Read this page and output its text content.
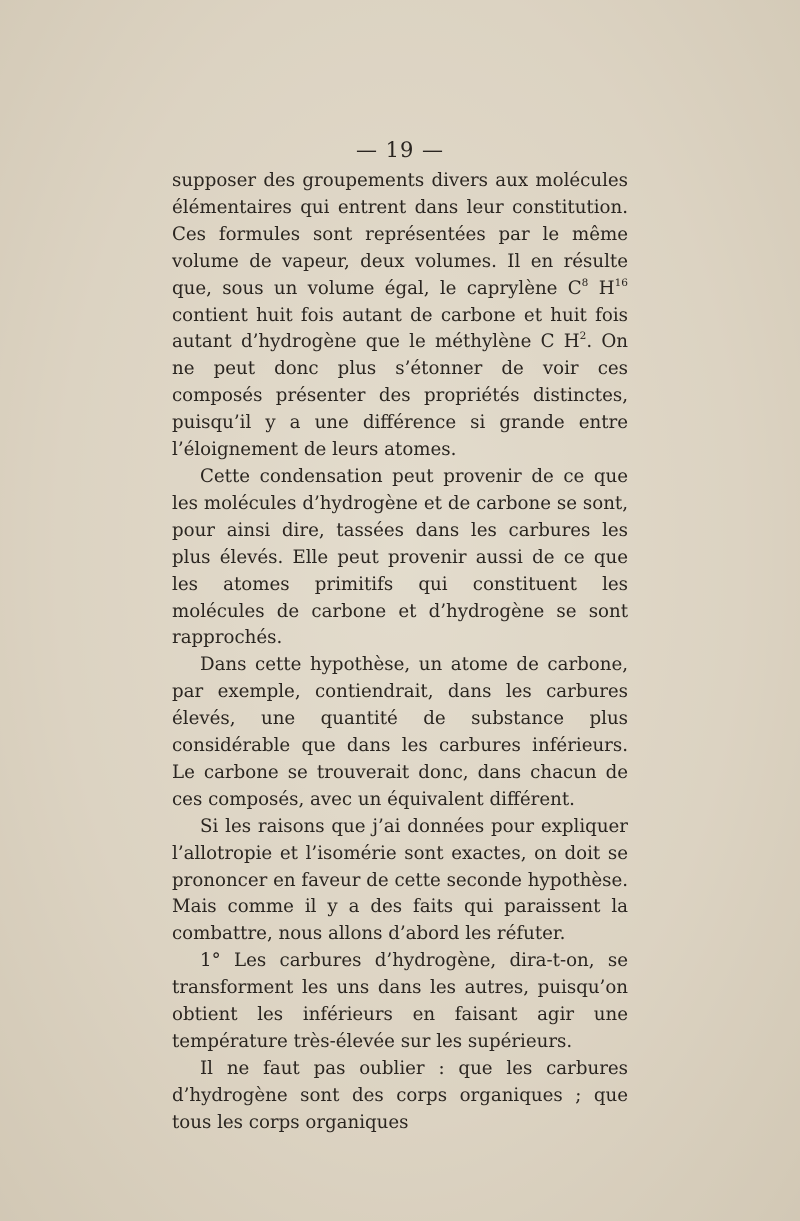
— 19 —

supposer des groupements divers aux molécules élémentaires qui entrent dans leur constitution. Ces formules sont représentées par le même volume de vapeur, deux volumes. Il en résulte que, sous un volume égal, le caprylène $C^8$ $H^{16}$ contient huit fois autant de carbone et huit fois autant d’hydrogène que le méthylène C $H^2$. On ne peut donc plus s’étonner de voir ces composés présenter des propriétés distinctes, puisqu’il y a une différence si grande entre l’éloignement de leurs atomes.

Cette condensation peut provenir de ce que les molécules d’hydrogène et de carbone se sont, pour ainsi dire, tassées dans les carbures les plus élevés. Elle peut provenir aussi de ce que les atomes primitifs qui constituent les molécules de carbone et d’hydrogène se sont rapprochés.

Dans cette hypothèse, un atome de carbone, par exemple, contiendrait, dans les carbures élevés, une quantité de substance plus considérable que dans les carbures inférieurs. Le carbone se trouverait donc, dans chacun de ces composés, avec un équivalent différent.

Si les raisons que j’ai données pour expliquer l’allotropie et l’isomérie sont exactes, on doit se prononcer en faveur de cette seconde hypothèse. Mais comme il y a des faits qui paraissent la combattre, nous allons d’abord les réfuter.

1° Les carbures d’hydrogène, dira-t-on, se transforment les uns dans les autres, puisqu’on obtient les inférieurs en faisant agir une température très-élevée sur les supérieurs.

Il ne faut pas oublier : que les carbures d’hydrogène sont des corps organiques ; que tous les corps organiques
